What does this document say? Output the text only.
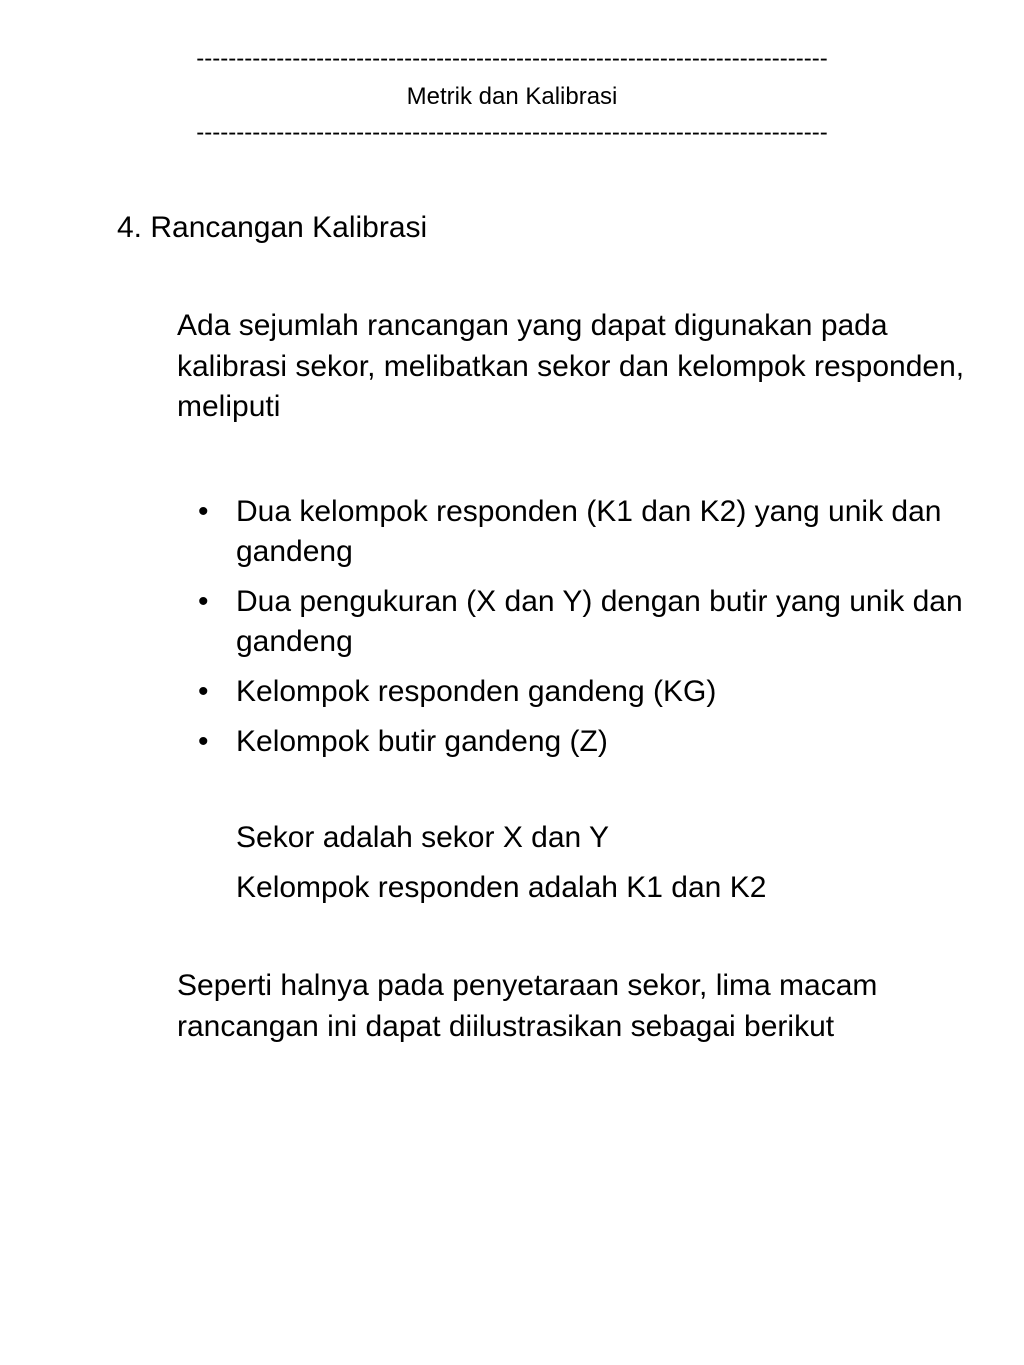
-------------------------------------------------------------------------------
Metrik dan Kalibrasi
-------------------------------------------------------------------------------
4. Rancangan Kalibrasi
Ada sejumlah rancangan yang dapat digunakan pada kalibrasi sekor, melibatkan sekor dan kelompok responden, meliputi
• Dua kelompok responden (K1 dan K2) yang unik dan gandeng
• Dua pengukuran (X dan Y) dengan butir yang unik dan gandeng
• Kelompok responden gandeng (KG)
• Kelompok butir gandeng (Z)
Sekor adalah sekor X dan Y
Kelompok responden adalah K1 dan K2
Seperti halnya pada penyetaraan sekor, lima macam rancangan ini dapat diilustrasikan sebagai berikut
